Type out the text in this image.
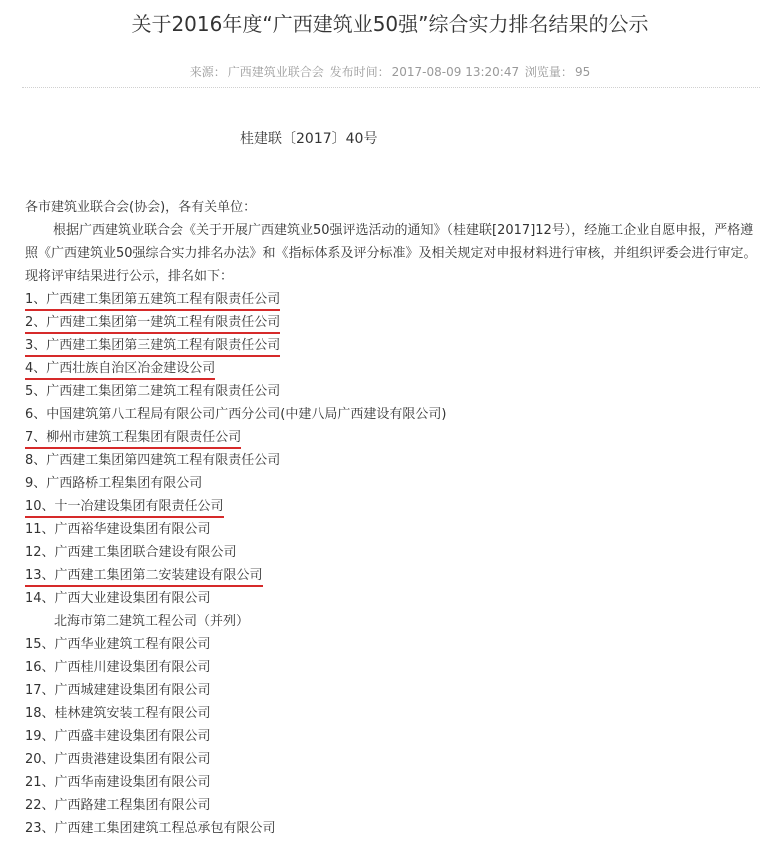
关于2016年度“广西建筑业50强”综合实力排名结果的公示
来源： 广西建筑业联合会 发布时间： 2017-08-09 13:20:47 浏览量： 95
桂建联〔2017〕40号
各市建筑业联合会(协会)，各有关单位：

根据广西建筑业联合会《关于开展广西建筑业50强评选活动的通知》（桂建联[2017]12号），经施工企业自愿申报，严格遵照《广西建筑业50强综合实力排名办法》和《指标体系及评分标准》及相关规定对申报材料进行审核，并组织评委会进行审定。现将评审结果进行公示，排名如下：

1、广西建工集团第五建筑工程有限责任公司
2、广西建工集团第一建筑工程有限责任公司
3、广西建工集团第三建筑工程有限责任公司
4、广西壮族自治区冶金建设公司
5、广西建工集团第二建筑工程有限责任公司
6、中国建筑第八工程局有限公司广西分公司(中建八局广西建设有限公司)
7、柳州市建筑工程集团有限责任公司
8、广西建工集团第四建筑工程有限责任公司
9、广西路桥工程集团有限公司
10、十一冶建设集团有限责任公司
11、广西裕华建设集团有限公司
12、广西建工集团联合建设有限公司
13、广西建工集团第二安装建设有限公司
14、广西大业建设集团有限公司
北海市第二建筑工程公司（并列）
15、广西华业建筑工程有限公司
16、广西桂川建设集团有限公司
17、广西城建建设集团有限公司
18、桂林建筑安装工程有限公司
19、广西盛丰建设集团有限公司
20、广西贵港建设集团有限公司
21、广西华南建设集团有限公司
22、广西路建工程集团有限公司
23、广西建工集团建筑工程总承包有限公司
